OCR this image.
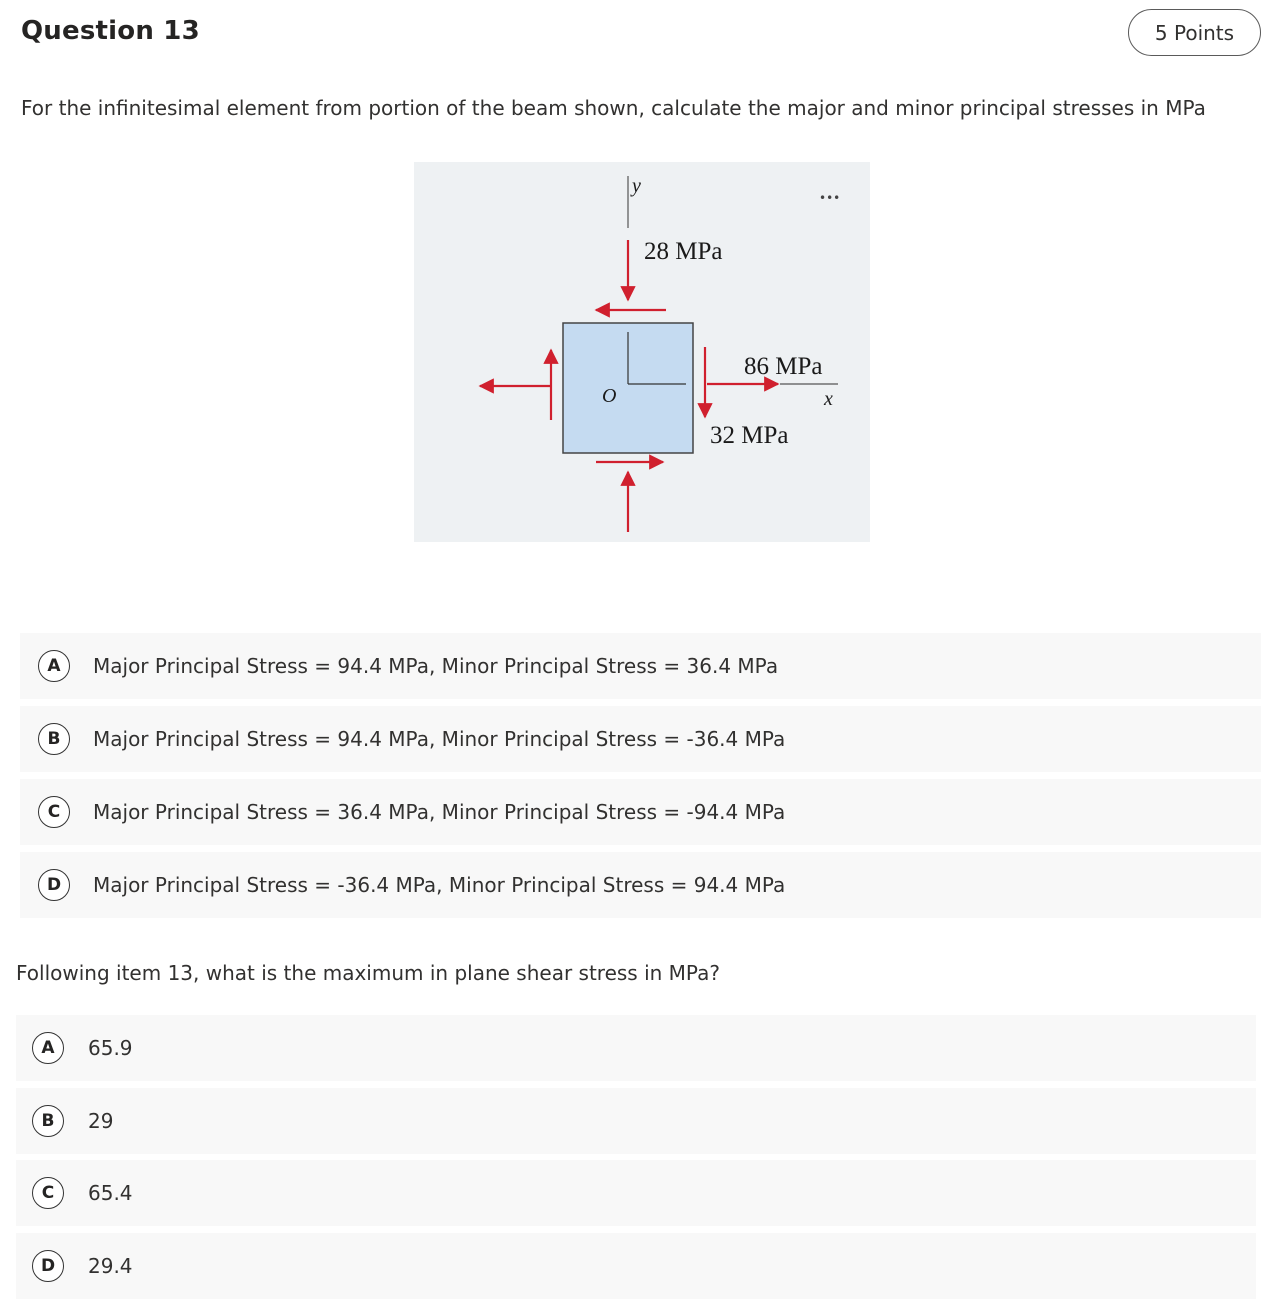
Question 13	5 Points
For the infinitesimal element from portion of the beam shown, calculate the major and minor principal stresses in MPa
y
•••
28 MPa
O
86 MPa
x
32 MPa
A	Major Principal Stress = 94.4 MPa, Minor Principal Stress = 36.4 MPa
B	Major Principal Stress = 94.4 MPa, Minor Principal Stress = -36.4 MPa
C	Major Principal Stress = 36.4 MPa, Minor Principal Stress = -94.4 MPa
D	Major Principal Stress = -36.4 MPa, Minor Principal Stress = 94.4 MPa
Following item 13, what is the maximum in plane shear stress in MPa?
A	65.9
B	29
C	65.4
D	29.4
